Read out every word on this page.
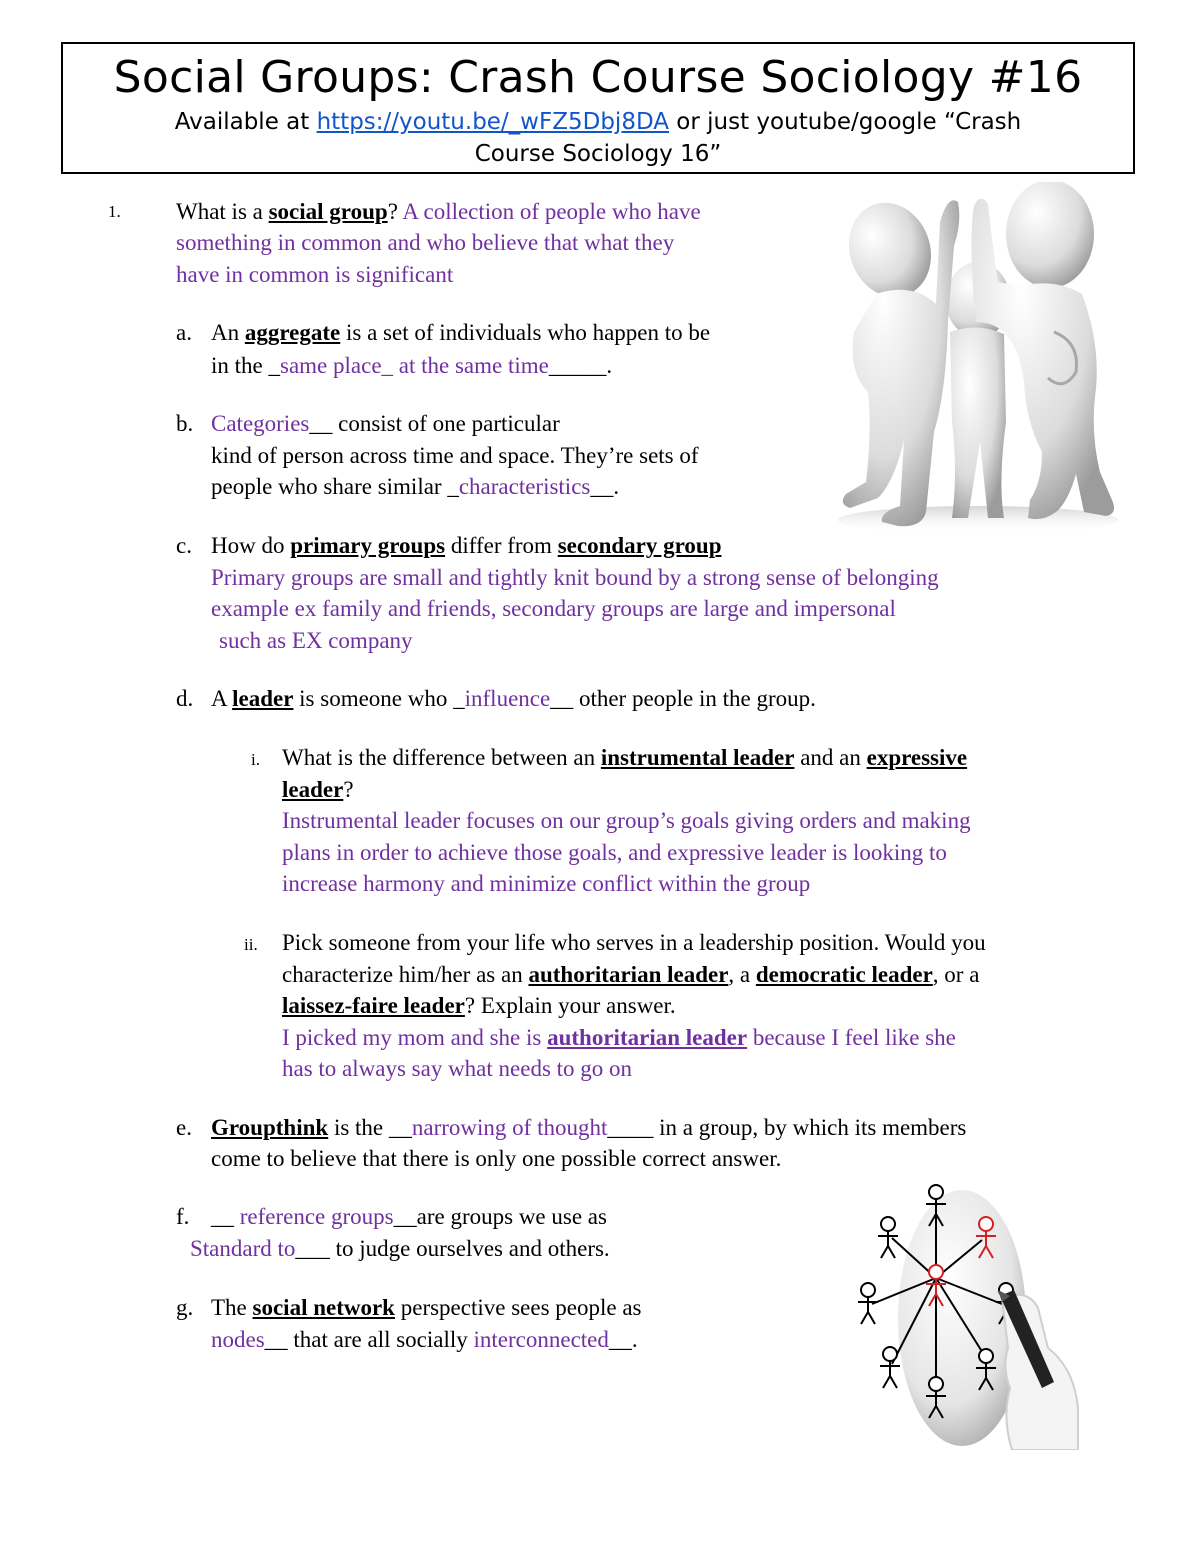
Social Groups: Crash Course Sociology #16
Available at https://youtu.be/_wFZ5Dbj8DA or just youtube/google “Crash
Course Sociology 16”
1. What is a social group? A collection of people who have
something in common and who believe that what they
have in common is significant
a. An aggregate is a set of individuals who happen to be
in the _same place_ at the same time_____.
b. Categories__ consist of one particular
kind of person across time and space. They’re sets of
people who share similar _characteristics__.
c. How do primary groups differ from secondary group
Primary groups are small and tightly knit bound by a strong sense of belonging
example ex family and friends, secondary groups are large and impersonal
such as EX company
d. A leader is someone who _influence__ other people in the group.
i. What is the difference between an instrumental leader and an expressive
leader?
Instrumental leader focuses on our group’s goals giving orders and making
plans in order to achieve those goals, and expressive leader is looking to
increase harmony and minimize conflict within the group
ii. Pick someone from your life who serves in a leadership position. Would you
characterize him/her as an authoritarian leader, a democratic leader, or a
laissez-faire leader? Explain your answer.
I picked my mom and she is authoritarian leader because I feel like she
has to always say what needs to go on
e. Groupthink is the __narrowing of thought____ in a group, by which its members
come to believe that there is only one possible correct answer.
f. __ reference groups__are groups we use as
Standard to___ to judge ourselves and others.
g. The social network perspective sees people as
nodes__ that are all socially interconnected__.
